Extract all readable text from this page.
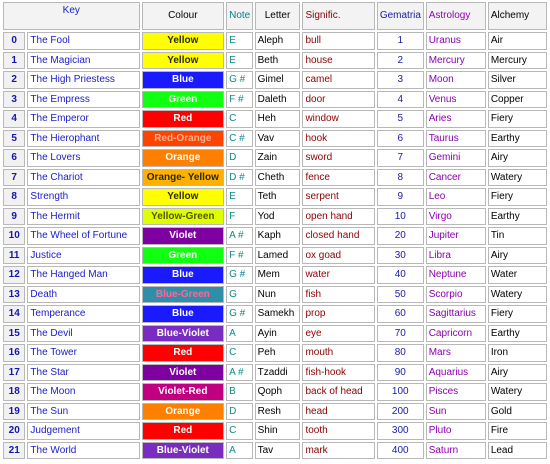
Key		Colour	Note	Letter	Signific.	Gematria	Astrology	Alchemy
0	The Fool	Yellow	E	Aleph	bull	1	Uranus	Air
1	The Magician	Yellow	E	Beth	house	2	Mercury	Mercury
2	The High Priestess	Blue	G #	Gimel	camel	3	Moon	Silver
3	The Empress	Green	F #	Daleth	door	4	Venus	Copper
4	The Emperor	Red	C	Heh	window	5	Aries	Fiery
5	The Hierophant	Red-Orange	C #	Vav	hook	6	Taurus	Earthy
6	The Lovers	Orange	D	Zain	sword	7	Gemini	Airy
7	The Chariot	Orange- Yellow	D #	Cheth	fence	8	Cancer	Watery
8	Strength	Yellow	E	Teth	serpent	9	Leo	Fiery
9	The Hermit	Yellow-Green	F	Yod	open hand	10	Virgo	Earthy
10	The Wheel of Fortune	Violet	A #	Kaph	closed hand	20	Jupiter	Tin
11	Justice	Green	F #	Lamed	ox goad	30	Libra	Airy
12	The Hanged Man	Blue	G #	Mem	water	40	Neptune	Water
13	Death	Blue-Green	G	Nun	fish	50	Scorpio	Watery
14	Temperance	Blue	G #	Samekh	prop	60	Sagittarius	Fiery
15	The Devil	Blue-Violet	A	Ayin	eye	70	Capricorn	Earthy
16	The Tower	Red	C	Peh	mouth	80	Mars	Iron
17	The Star	Violet	A #	Tzaddi	fish-hook	90	Aquarius	Airy
18	The Moon	Violet-Red	B	Qoph	back of head	100	Pisces	Watery
19	The Sun	Orange	D	Resh	head	200	Sun	Gold
20	Judgement	Red	C	Shin	tooth	300	Pluto	Fire
21	The World	Blue-Violet	A	Tav	mark	400	Saturn	Lead
